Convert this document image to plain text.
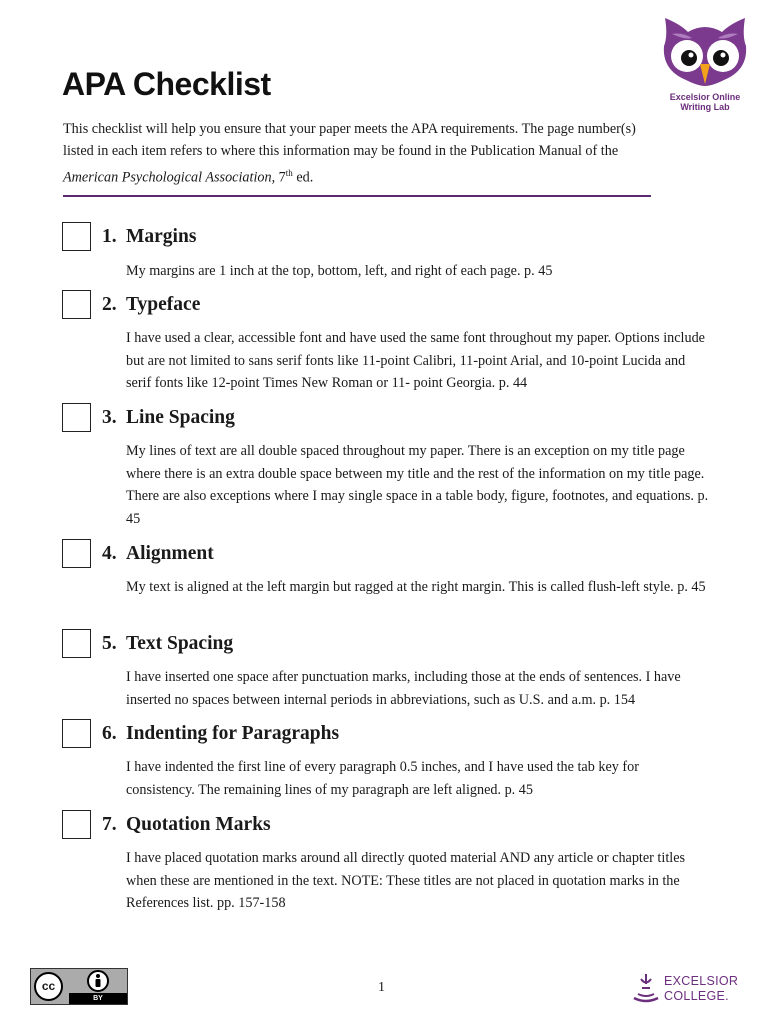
APA Checklist	Excelsior Online
Writing Lab

This checklist will help you ensure that your paper meets the APA requirements. The page number(s) listed in each item refers to where this information may be found in the Publication Manual of the American Psychological Association, 7th ed.

1. Margins

My margins are 1 inch at the top, bottom, left, and right of each page. p. 45

2. Typeface

I have used a clear, accessible font and have used the same font throughout my paper. Options include but are not limited to sans serif fonts like 11-point Calibri, 11-point Arial, and 10-point Lucida and serif fonts like 12-point Times New Roman or 11- point Georgia. p. 44

3. Line Spacing

My lines of text are all double spaced throughout my paper. There is an exception on my title page where there is an extra double space between my title and the rest of the information on my title page. There are also exceptions where I may single space in a table body, figure, footnotes, and equations. p. 45

4. Alignment

My text is aligned at the left margin but ragged at the right margin. This is called flush-left style. p. 45

5. Text Spacing

I have inserted one space after punctuation marks, including those at the ends of sentences. I have inserted no spaces between internal periods in abbreviations, such as U.S. and a.m. p. 154

6. Indenting for Paragraphs

I have indented the first line of every paragraph 0.5 inches, and I have used the tab key for consistency. The remaining lines of my paragraph are left aligned. p. 45

7. Quotation Marks

I have placed quotation marks around all directly quoted material AND any article or chapter titles when these are mentioned in the text. NOTE: These titles are not placed in quotation marks in the References list. pp. 157-158

cc
BY
1	EXCELSIOR
COLLEGE.
